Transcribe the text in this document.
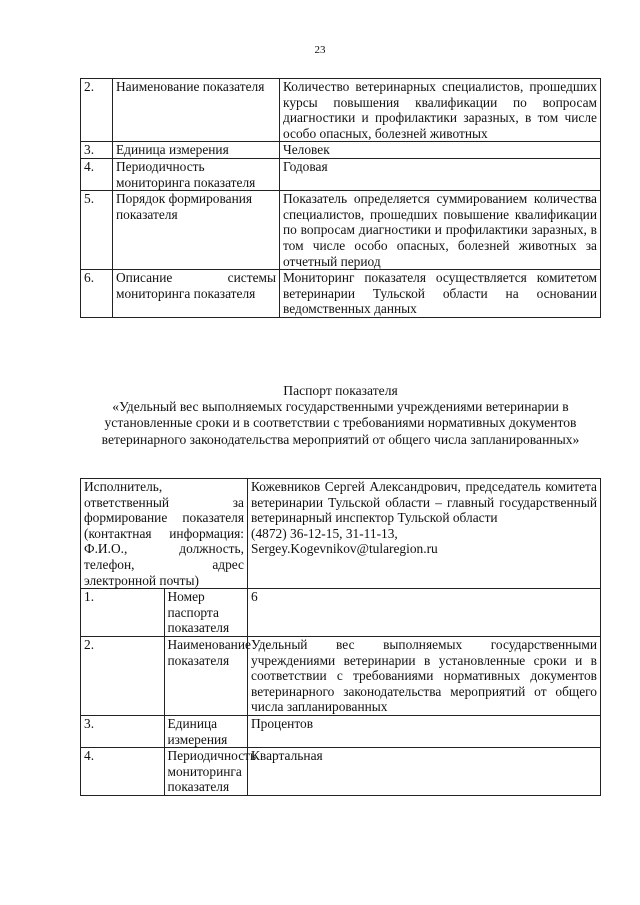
23
2.	Наименование показателя	Количество ветеринарных специалистов, прошедших курсы повышения квалификации по вопросам диагностики и профилактики заразных, в том числе особо опасных, болезней животных
3.	Единица измерения	Человек
4.	Периодичность мониторинга показателя	Годовая
5.	Порядок формирования показателя	Показатель определяется суммированием количества специалистов, прошедших повышение квалификации по вопросам диагностики и профилактики заразных, в том числе особо опасных, болезней животных за отчетный период
6.	Описание системы мониторинга показателя	Мониторинг показателя осуществляется комитетом ветеринарии Тульской области на основании ведомственных данных
Паспорт показателя
«Удельный вес выполняемых государственными учреждениями ветеринарии в установленные сроки и в соответствии с требованиями нормативных документов ветеринарного законодательства мероприятий от общего числа запланированных»
Исполнитель, ответственный за формирование показателя (контактная информация: Ф.И.О., должность, телефон, адрес электронной почты)		Кожевников Сергей Александрович, председатель комитета ветеринарии Тульской области – главный государственный ветеринарный инспектор Тульской области
(4872) 36-12-15, 31-11-13,
Sergey.Kogevnikov@tularegion.ru
1.	Номер паспорта показателя	6
2.	Наименование показателя	Удельный вес выполняемых государственными учреждениями ветеринарии в установленные сроки и в соответствии с требованиями нормативных документов ветеринарного законодательства мероприятий от общего числа запланированных
3.	Единица измерения	Процентов
4.	Периодичность мониторинга показателя	Квартальная
